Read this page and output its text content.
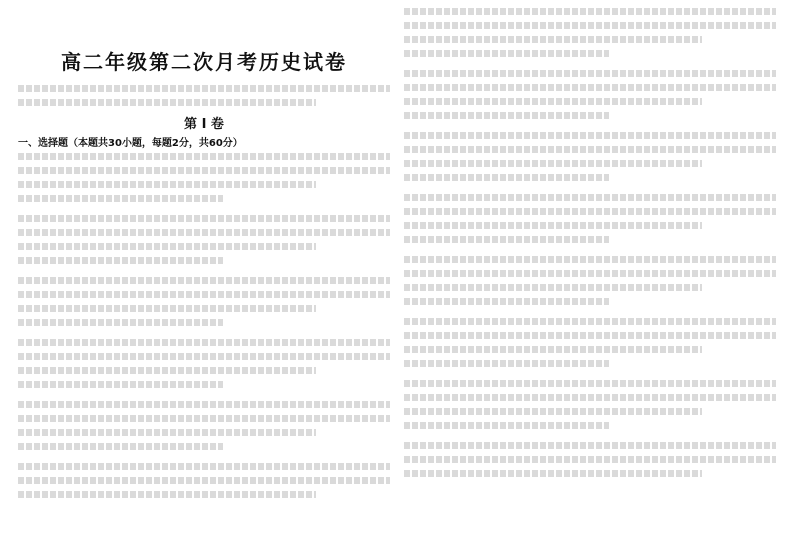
高二年级第二次月考历史试卷
第 I 卷
一、选择题（本题共30小题，每题2分，共60分）
